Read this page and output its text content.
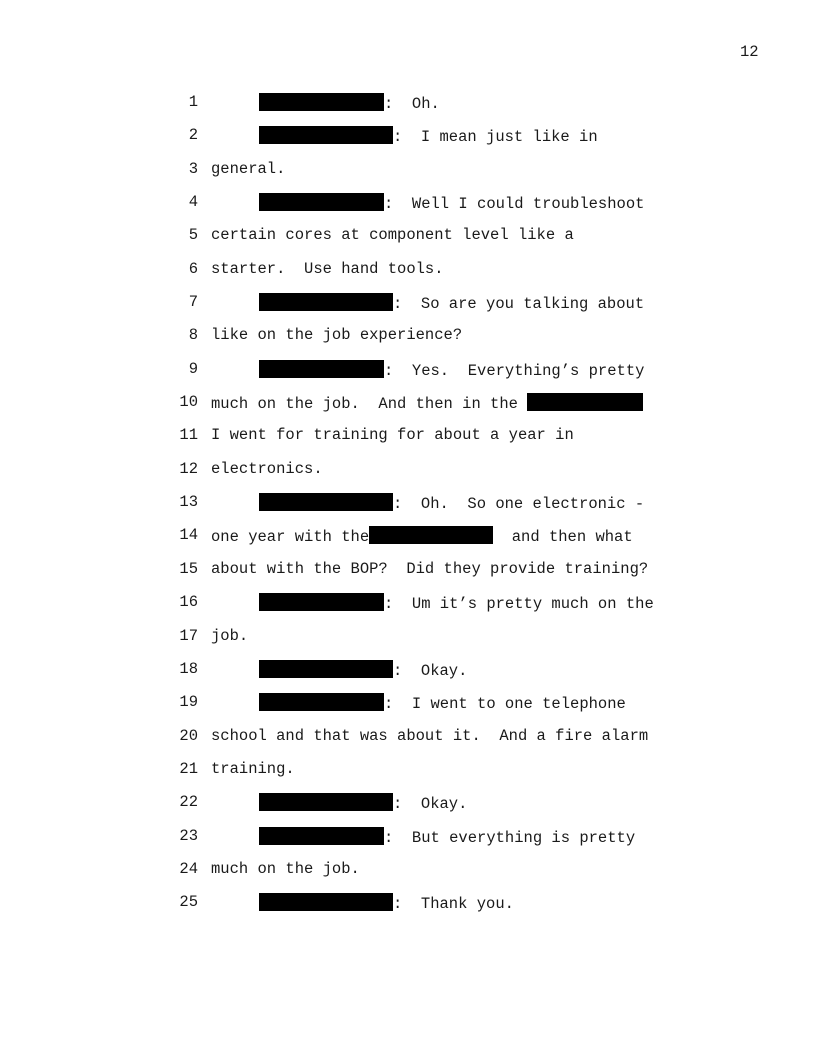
12
1	:  Oh.
2	:  I mean just like in
3 general.
4	:  Well I could troubleshoot
5 certain cores at component level like a
6 starter.  Use hand tools.
7	:  So are you talking about
8 like on the job experience?
9	:  Yes.  Everything’s pretty
10 much on the job.  And then in the
11 I went for training for about a year in
12 electronics.
13	:  Oh.  So one electronic -
14 one year with the	and then what
15 about with the BOP?  Did they provide training?
16	:  Um it’s pretty much on the
17 job.
18	:  Okay.
19	:  I went to one telephone
20 school and that was about it.  And a fire alarm
21 training.
22	:  Okay.
23	:  But everything is pretty
24 much on the job.
25	:  Thank you.
